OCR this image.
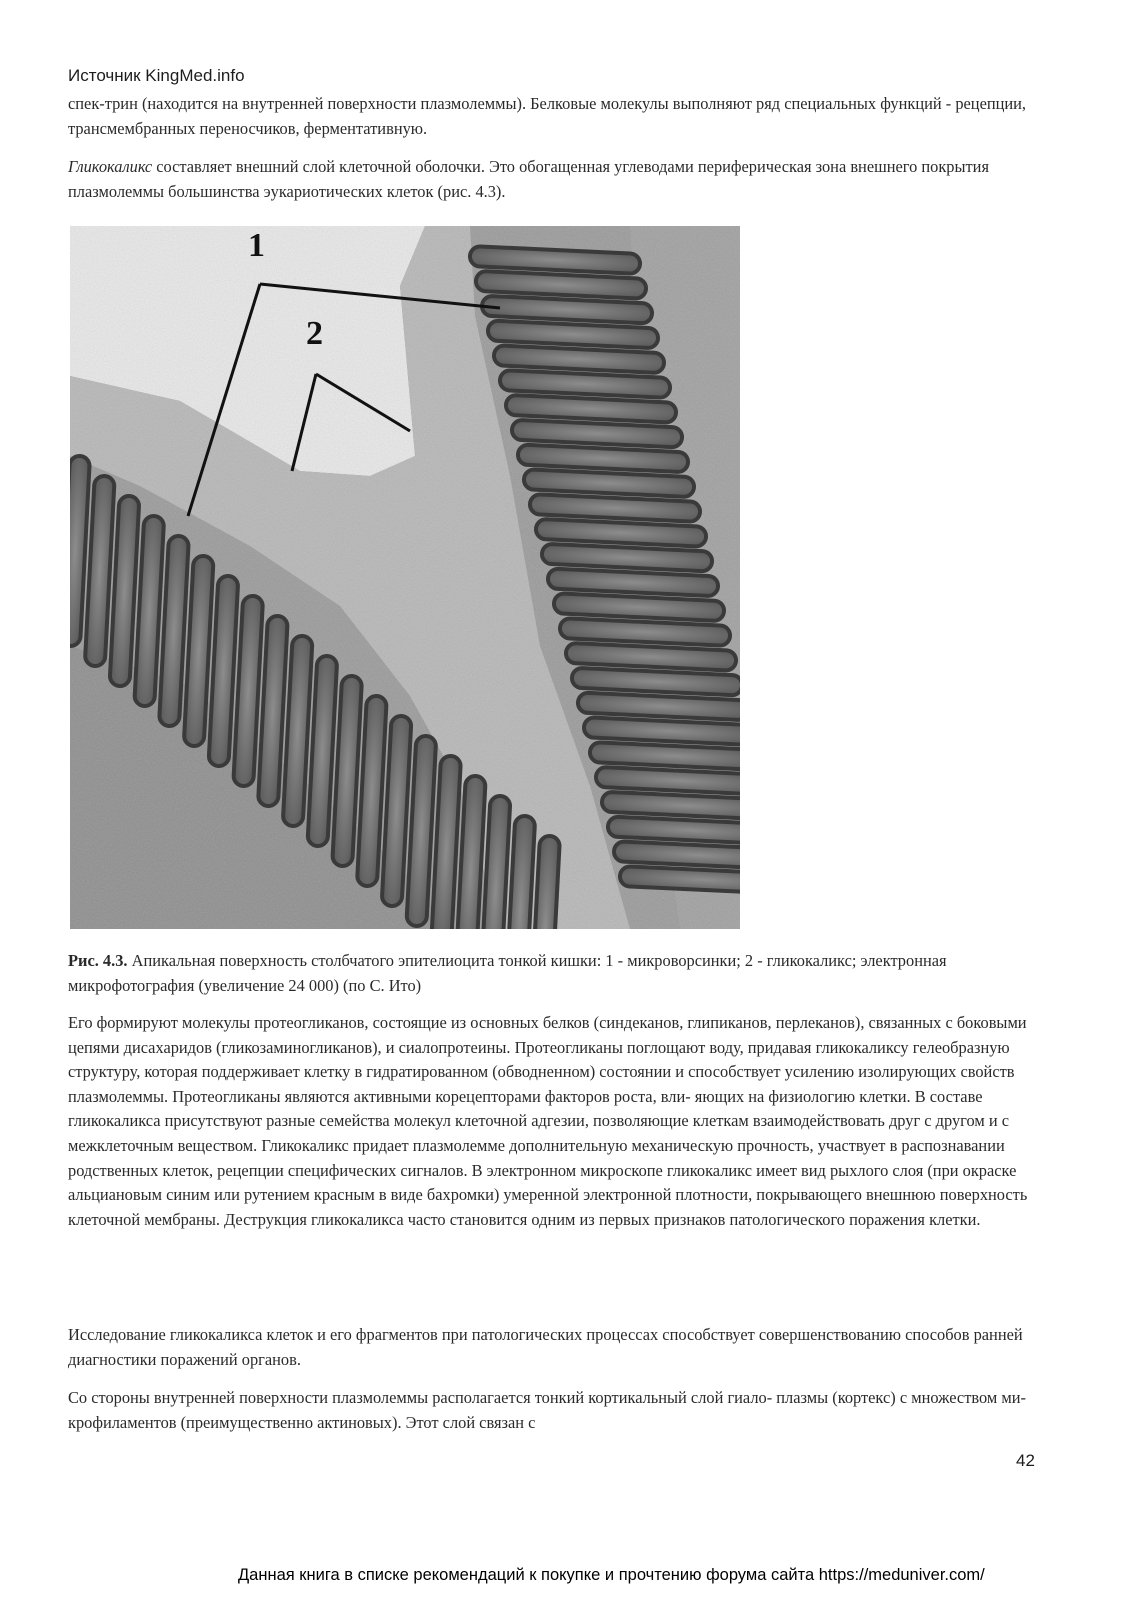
Источник KingMed.info

спек-трин (находится на внутренней поверхности плазмолеммы). Белковые молекулы выполняют ряд специальных функций - рецепции, трансмембранных переносчиков, ферментативную.

Гликокаликс составляет внешний слой клеточной оболочки. Это обогащенная углеводами периферическая зона внешнего покрытия плазмолеммы большинства эукариотических клеток (рис. 4.3).

1
2

Рис. 4.3. Апикальная поверхность столбчатого эпителиоцита тонкой кишки: 1 - микроворсинки; 2 - гликокаликс; электронная микрофотография (увеличение 24 000) (по С. Ито)

Его формируют молекулы протеогликанов, состоящие из основных белков (синдеканов, глипиканов, перлеканов), связанных с боковыми цепями дисахаридов (гликозаминогликанов), и сиалопротеины. Протеогликаны поглощают воду, придавая гликокаликсу гелеобразную структуру, которая поддерживает клетку в гидратированном (обводненном) состоянии и способствует усилению изолирующих свойств плазмолеммы. Протеогликаны являются активными корецепторами факторов роста, вли- яющих на физиологию клетки. В составе гликокаликса присутствуют разные семейства молекул клеточной адгезии, позволяющие клеткам взаимодействовать друг с другом и с межклеточным веществом. Гликокаликс придает плазмолемме дополнительную механическую прочность, участвует в распознавании родственных клеток, рецепции специфических сигналов. В электронном микроскопе гликокаликс имеет вид рыхлого слоя (при окраске альциановым синим или рутением красным в виде бахромки) умеренной электронной плотности, покрывающего внешнюю поверхность клеточной мембраны. Деструкция гликокаликса часто становится одним из первых признаков патологического поражения клетки.

Исследование гликокаликса клеток и его фрагментов при патологических процессах способствует совершенствованию способов ранней диагностики поражений органов.

Со стороны внутренней поверхности плазмолеммы располагается тонкий кортикальный слой гиало- плазмы (кортекс) с множеством ми-крофиламентов (преимущественно актиновых). Этот слой связан с

42
Данная книга в списке рекомендаций к покупке и прочтению форума сайта https://meduniver.com/
